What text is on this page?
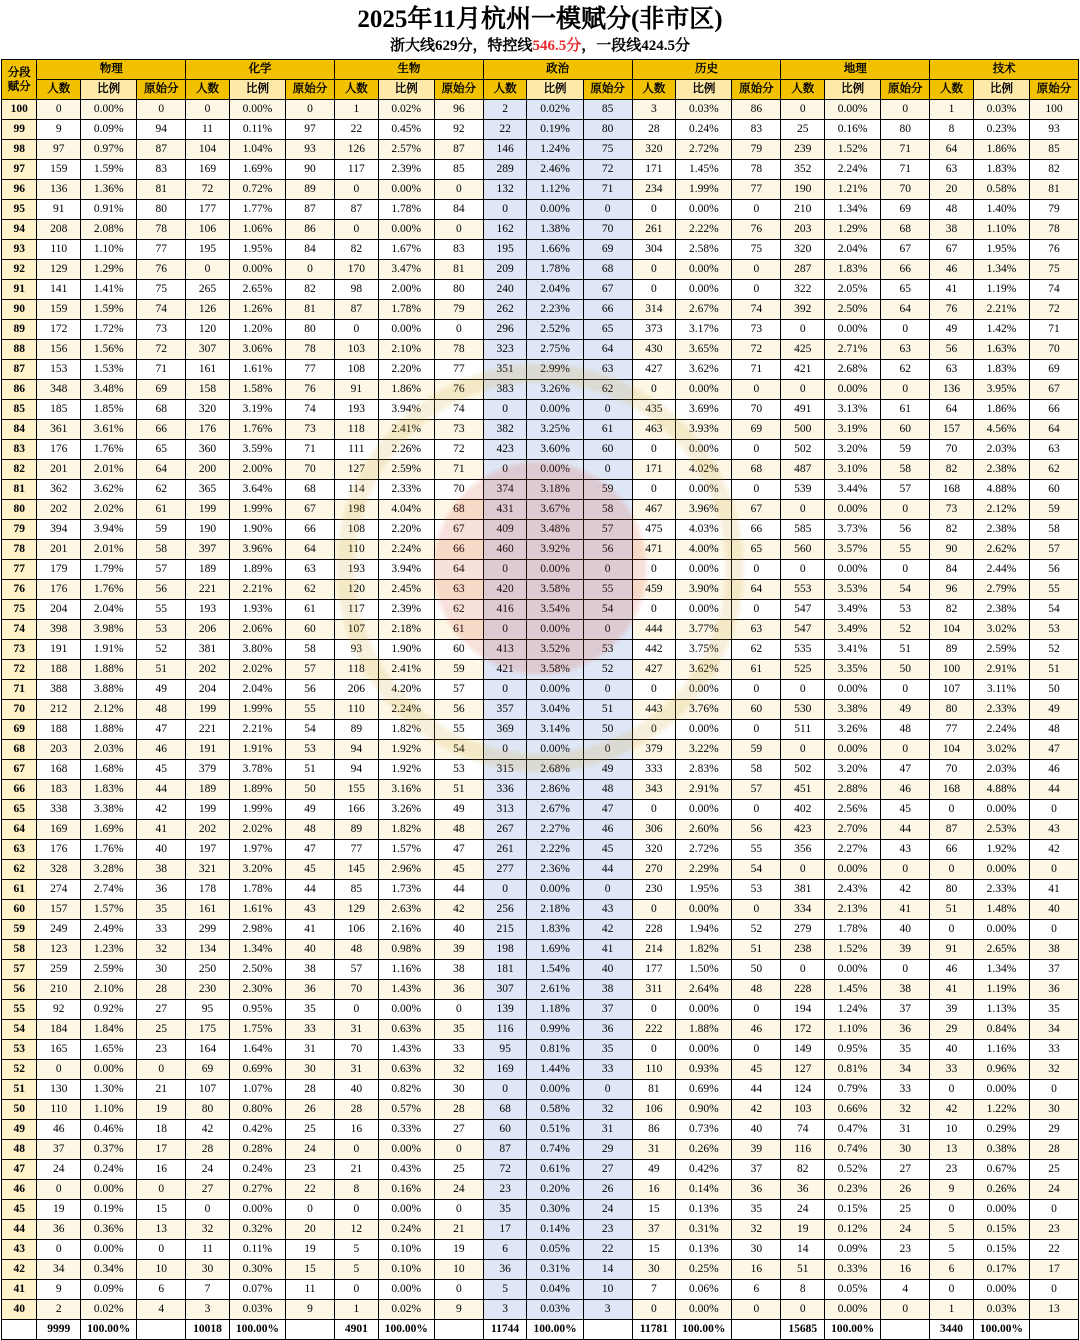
2025年11月杭州一模赋分(非市区)
浙大线629分，特控线546.5分，一段线424.5分
分段
赋分	物理			化学			生物			政治			历史			地理			技术		
	人数	比例	原始分	人数	比例	原始分	人数	比例	原始分	人数	比例	原始分	人数	比例	原始分	人数	比例	原始分	人数	比例	原始分
100	0	0.00%	0	0	0.00%	0	1	0.02%	96	2	0.02%	85	3	0.03%	86	0	0.00%	0	1	0.03%	100
99	9	0.09%	94	11	0.11%	97	22	0.45%	92	22	0.19%	80	28	0.24%	83	25	0.16%	80	8	0.23%	93
98	97	0.97%	87	104	1.04%	93	126	2.57%	87	146	1.24%	75	320	2.72%	79	239	1.52%	71	64	1.86%	85
97	159	1.59%	83	169	1.69%	90	117	2.39%	85	289	2.46%	72	171	1.45%	78	352	2.24%	71	63	1.83%	82
96	136	1.36%	81	72	0.72%	89	0	0.00%	0	132	1.12%	71	234	1.99%	77	190	1.21%	70	20	0.58%	81
95	91	0.91%	80	177	1.77%	87	87	1.78%	84	0	0.00%	0	0	0.00%	0	210	1.34%	69	48	1.40%	79
94	208	2.08%	78	106	1.06%	86	0	0.00%	0	162	1.38%	70	261	2.22%	76	203	1.29%	68	38	1.10%	78
93	110	1.10%	77	195	1.95%	84	82	1.67%	83	195	1.66%	69	304	2.58%	75	320	2.04%	67	67	1.95%	76
92	129	1.29%	76	0	0.00%	0	170	3.47%	81	209	1.78%	68	0	0.00%	0	287	1.83%	66	46	1.34%	75
91	141	1.41%	75	265	2.65%	82	98	2.00%	80	240	2.04%	67	0	0.00%	0	322	2.05%	65	41	1.19%	74
90	159	1.59%	74	126	1.26%	81	87	1.78%	79	262	2.23%	66	314	2.67%	74	392	2.50%	64	76	2.21%	72
89	172	1.72%	73	120	1.20%	80	0	0.00%	0	296	2.52%	65	373	3.17%	73	0	0.00%	0	49	1.42%	71
88	156	1.56%	72	307	3.06%	78	103	2.10%	78	323	2.75%	64	430	3.65%	72	425	2.71%	63	56	1.63%	70
87	153	1.53%	71	161	1.61%	77	108	2.20%	77	351	2.99%	63	427	3.62%	71	421	2.68%	62	63	1.83%	69
86	348	3.48%	69	158	1.58%	76	91	1.86%	76	383	3.26%	62	0	0.00%	0	0	0.00%	0	136	3.95%	67
85	185	1.85%	68	320	3.19%	74	193	3.94%	74	0	0.00%	0	435	3.69%	70	491	3.13%	61	64	1.86%	66
84	361	3.61%	66	176	1.76%	73	118	2.41%	73	382	3.25%	61	463	3.93%	69	500	3.19%	60	157	4.56%	64
83	176	1.76%	65	360	3.59%	71	111	2.26%	72	423	3.60%	60	0	0.00%	0	502	3.20%	59	70	2.03%	63
82	201	2.01%	64	200	2.00%	70	127	2.59%	71	0	0.00%	0	171	4.02%	68	487	3.10%	58	82	2.38%	62
81	362	3.62%	62	365	3.64%	68	114	2.33%	70	374	3.18%	59	0	0.00%	0	539	3.44%	57	168	4.88%	60
80	202	2.02%	61	199	1.99%	67	198	4.04%	68	431	3.67%	58	467	3.96%	67	0	0.00%	0	73	2.12%	59
79	394	3.94%	59	190	1.90%	66	108	2.20%	67	409	3.48%	57	475	4.03%	66	585	3.73%	56	82	2.38%	58
78	201	2.01%	58	397	3.96%	64	110	2.24%	66	460	3.92%	56	471	4.00%	65	560	3.57%	55	90	2.62%	57
77	179	1.79%	57	189	1.89%	63	193	3.94%	64	0	0.00%	0	0	0.00%	0	0	0.00%	0	84	2.44%	56
76	176	1.76%	56	221	2.21%	62	120	2.45%	63	420	3.58%	55	459	3.90%	64	553	3.53%	54	96	2.79%	55
75	204	2.04%	55	193	1.93%	61	117	2.39%	62	416	3.54%	54	0	0.00%	0	547	3.49%	53	82	2.38%	54
74	398	3.98%	53	206	2.06%	60	107	2.18%	61	0	0.00%	0	444	3.77%	63	547	3.49%	52	104	3.02%	53
73	191	1.91%	52	381	3.80%	58	93	1.90%	60	413	3.52%	53	442	3.75%	62	535	3.41%	51	89	2.59%	52
72	188	1.88%	51	202	2.02%	57	118	2.41%	59	421	3.58%	52	427	3.62%	61	525	3.35%	50	100	2.91%	51
71	388	3.88%	49	204	2.04%	56	206	4.20%	57	0	0.00%	0	0	0.00%	0	0	0.00%	0	107	3.11%	50
70	212	2.12%	48	199	1.99%	55	110	2.24%	56	357	3.04%	51	443	3.76%	60	530	3.38%	49	80	2.33%	49
69	188	1.88%	47	221	2.21%	54	89	1.82%	55	369	3.14%	50	0	0.00%	0	511	3.26%	48	77	2.24%	48
68	203	2.03%	46	191	1.91%	53	94	1.92%	54	0	0.00%	0	379	3.22%	59	0	0.00%	0	104	3.02%	47
67	168	1.68%	45	379	3.78%	51	94	1.92%	53	315	2.68%	49	333	2.83%	58	502	3.20%	47	70	2.03%	46
66	183	1.83%	44	189	1.89%	50	155	3.16%	51	336	2.86%	48	343	2.91%	57	451	2.88%	46	168	4.88%	44
65	338	3.38%	42	199	1.99%	49	166	3.26%	49	313	2.67%	47	0	0.00%	0	402	2.56%	45	0	0.00%	0
64	169	1.69%	41	202	2.02%	48	89	1.82%	48	267	2.27%	46	306	2.60%	56	423	2.70%	44	87	2.53%	43
63	176	1.76%	40	197	1.97%	47	77	1.57%	47	261	2.22%	45	320	2.72%	55	356	2.27%	43	66	1.92%	42
62	328	3.28%	38	321	3.20%	45	145	2.96%	45	277	2.36%	44	270	2.29%	54	0	0.00%	0	0	0.00%	0
61	274	2.74%	36	178	1.78%	44	85	1.73%	44	0	0.00%	0	230	1.95%	53	381	2.43%	42	80	2.33%	41
60	157	1.57%	35	161	1.61%	43	129	2.63%	42	256	2.18%	43	0	0.00%	0	334	2.13%	41	51	1.48%	40
59	249	2.49%	33	299	2.98%	41	106	2.16%	40	215	1.83%	42	228	1.94%	52	279	1.78%	40	0	0.00%	0
58	123	1.23%	32	134	1.34%	40	48	0.98%	39	198	1.69%	41	214	1.82%	51	238	1.52%	39	91	2.65%	38
57	259	2.59%	30	250	2.50%	38	57	1.16%	38	181	1.54%	40	177	1.50%	50	0	0.00%	0	46	1.34%	37
56	210	2.10%	28	230	2.30%	36	70	1.43%	36	307	2.61%	38	311	2.64%	48	228	1.45%	38	41	1.19%	36
55	92	0.92%	27	95	0.95%	35	0	0.00%	0	139	1.18%	37	0	0.00%	0	194	1.24%	37	39	1.13%	35
54	184	1.84%	25	175	1.75%	33	31	0.63%	35	116	0.99%	36	222	1.88%	46	172	1.10%	36	29	0.84%	34
53	165	1.65%	23	164	1.64%	31	70	1.43%	33	95	0.81%	35	0	0.00%	0	149	0.95%	35	40	1.16%	33
52	0	0.00%	0	69	0.69%	30	31	0.63%	32	169	1.44%	33	110	0.93%	45	127	0.81%	34	33	0.96%	32
51	130	1.30%	21	107	1.07%	28	40	0.82%	30	0	0.00%	0	81	0.69%	44	124	0.79%	33	0	0.00%	0
50	110	1.10%	19	80	0.80%	26	28	0.57%	28	68	0.58%	32	106	0.90%	42	103	0.66%	32	42	1.22%	30
49	46	0.46%	18	42	0.42%	25	16	0.33%	27	60	0.51%	31	86	0.73%	40	74	0.47%	31	10	0.29%	29
48	37	0.37%	17	28	0.28%	24	0	0.00%	0	87	0.74%	29	31	0.26%	39	116	0.74%	30	13	0.38%	28
47	24	0.24%	16	24	0.24%	23	21	0.43%	25	72	0.61%	27	49	0.42%	37	82	0.52%	27	23	0.67%	25
46	0	0.00%	0	27	0.27%	22	8	0.16%	24	23	0.20%	26	16	0.14%	36	36	0.23%	26	9	0.26%	24
45	19	0.19%	15	0	0.00%	0	0	0.00%	0	35	0.30%	24	15	0.13%	35	24	0.15%	25	0	0.00%	0
44	36	0.36%	13	32	0.32%	20	12	0.24%	21	17	0.14%	23	37	0.31%	32	19	0.12%	24	5	0.15%	23
43	0	0.00%	0	11	0.11%	19	5	0.10%	19	6	0.05%	22	15	0.13%	30	14	0.09%	23	5	0.15%	22
42	34	0.34%	10	30	0.30%	15	5	0.10%	10	36	0.31%	14	30	0.25%	16	51	0.33%	16	6	0.17%	17
41	9	0.09%	6	7	0.07%	11	0	0.00%	0	5	0.04%	10	7	0.06%	6	8	0.05%	4	0	0.00%	0
40	2	0.02%	4	3	0.03%	9	1	0.02%	9	3	0.03%	3	0	0.00%	0	0	0.00%	0	1	0.03%	13
	9999	100.00%		10018	100.00%		4901	100.00%		11744	100.00%		11781	100.00%		15685	100.00%		3440	100.00%	
